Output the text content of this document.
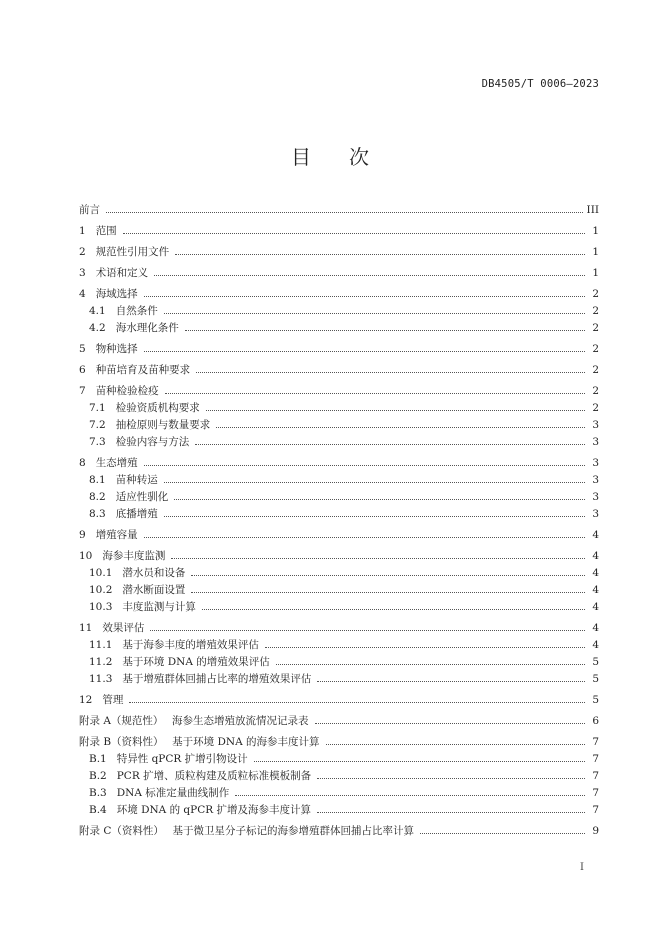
DB4505/T 0006—2023
目 次
前言	III
1 范围	1
2 规范性引用文件	1
3 术语和定义	1
4 海域选择	2
4.1 自然条件	2
4.2 海水理化条件	2
5 物种选择	2
6 种苗培育及苗种要求	2
7 苗种检验检疫	2
7.1 检验资质机构要求	2
7.2 抽检原则与数量要求	3
7.3 检验内容与方法	3
8 生态增殖	3
8.1 苗种转运	3
8.2 适应性驯化	3
8.3 底播增殖	3
9 增殖容量	4
10 海参丰度监测	4
10.1 潜水员和设备	4
10.2 潜水断面设置	4
10.3 丰度监测与计算	4
11 效果评估	4
11.1 基于海参丰度的增殖效果评估	4
11.2 基于环境 DNA 的增殖效果评估	5
11.3 基于增殖群体回捕占比率的增殖效果评估	5
12 管理	5
附录 A（规范性）　 海参生态增殖放流情况记录表	6
附录 B（资料性）　 基于环境 DNA 的海参丰度计算	7
B.1 特异性 qPCR 扩增引物设计	7
B.2 PCR 扩增、质粒构建及质粒标准模板制备	7
B.3 DNA 标准定量曲线制作	7
B.4 环境 DNA 的 qPCR 扩增及海参丰度计算	7
附录 C（资料性）　 基于微卫星分子标记的海参增殖群体回捕占比率计算	9
I
